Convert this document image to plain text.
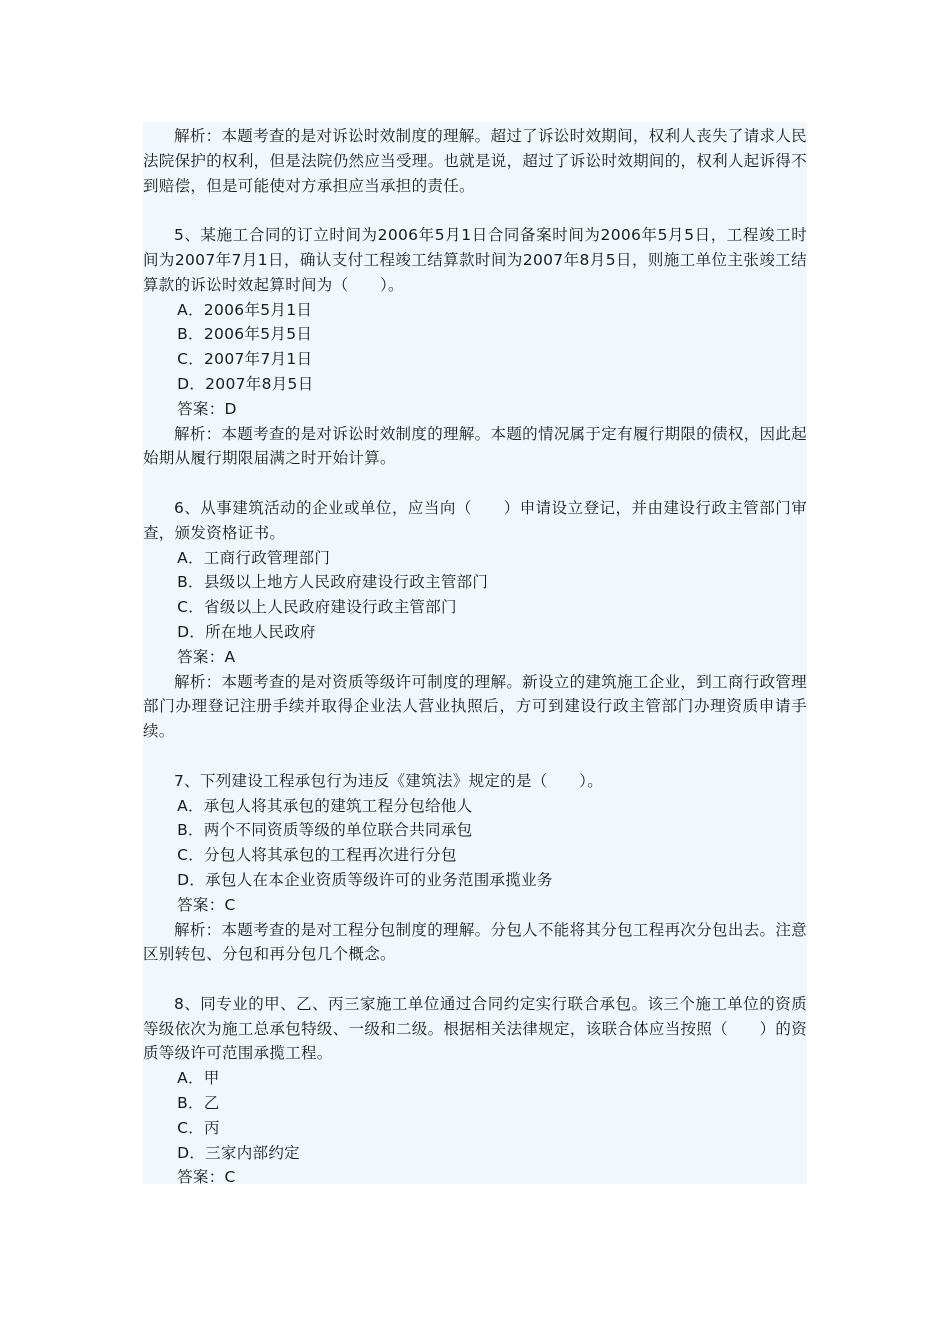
解析：本题考查的是对诉讼时效制度的理解。超过了诉讼时效期间，权利人丧失了请求人民法院保护的权利，但是法院仍然应当受理。也就是说，超过了诉讼时效期间的，权利人起诉得不到赔偿，但是可能使对方承担应当承担的责任。

5、某施工合同的订立时间为2006年5月1日合同备案时间为2006年5月5日，工程竣工时间为2007年7月1日，确认支付工程竣工结算款时间为2007年8月5日，则施工单位主张竣工结算款的诉讼时效起算时间为（　　）。

A．2006年5月1日

B．2006年5月5日

C．2007年7月1日

D．2007年8月5日

答案：D

解析：本题考查的是对诉讼时效制度的理解。本题的情况属于定有履行期限的债权，因此起始期从履行期限届满之时开始计算。

6、从事建筑活动的企业或单位，应当向（　　）申请设立登记，并由建设行政主管部门审查，颁发资格证书。

A．工商行政管理部门

B．县级以上地方人民政府建设行政主管部门

C．省级以上人民政府建设行政主管部门

D．所在地人民政府

答案：A

解析：本题考查的是对资质等级许可制度的理解。新设立的建筑施工企业，到工商行政管理部门办理登记注册手续并取得企业法人营业执照后，方可到建设行政主管部门办理资质申请手续。

7、下列建设工程承包行为违反《建筑法》规定的是（　　）。

A．承包人将其承包的建筑工程分包给他人

B．两个不同资质等级的单位联合共同承包

C．分包人将其承包的工程再次进行分包

D．承包人在本企业资质等级许可的业务范围承揽业务

答案：C

解析：本题考查的是对工程分包制度的理解。分包人不能将其分包工程再次分包出去。注意区别转包、分包和再分包几个概念。

8、同专业的甲、乙、丙三家施工单位通过合同约定实行联合承包。该三个施工单位的资质等级依次为施工总承包特级、一级和二级。根据相关法律规定，该联合体应当按照（　　）的资质等级许可范围承揽工程。

A．甲

B．乙

C．丙

D．三家内部约定

答案：C
